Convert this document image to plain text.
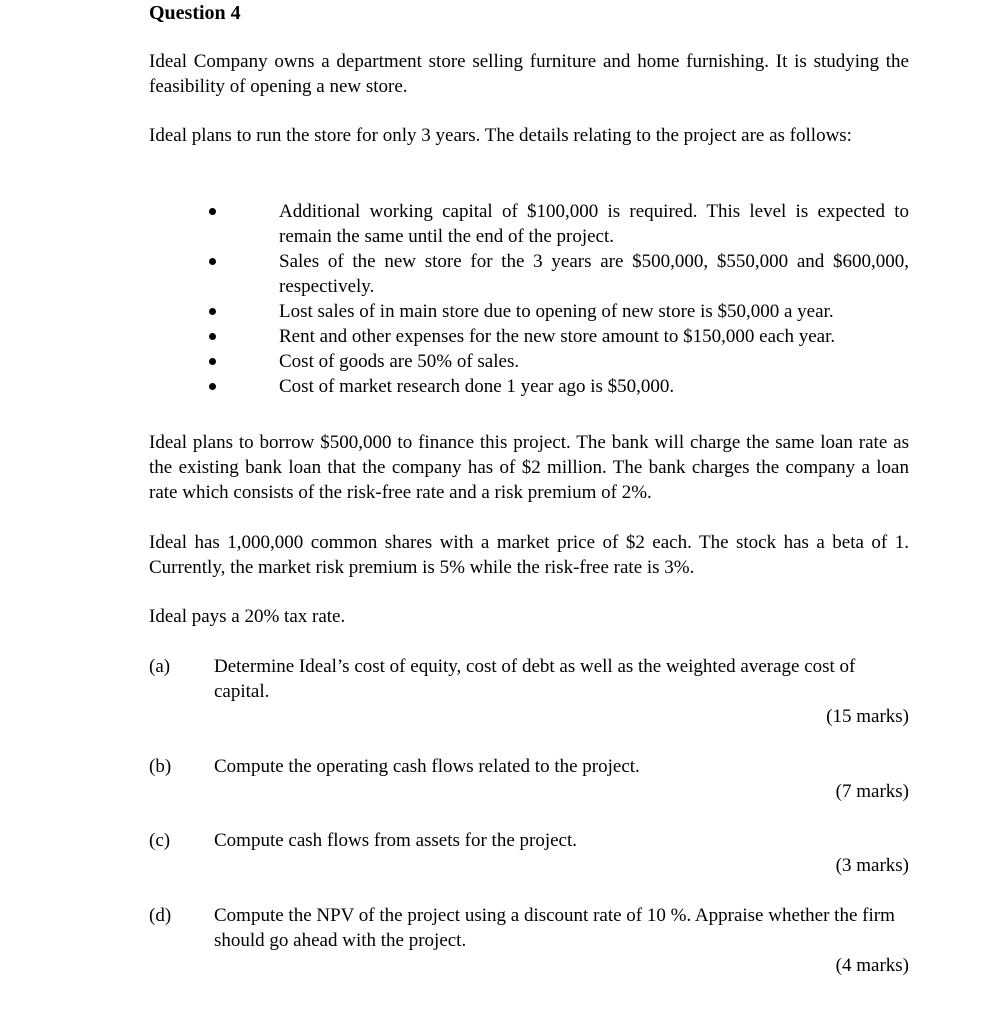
Question 4
Ideal Company owns a department store selling furniture and home furnishing. It is studying the feasibility of opening a new store.
Ideal plans to run the store for only 3 years. The details relating to the project are as follows:
Additional working capital of $100,000 is required. This level is expected to remain the same until the end of the project.
Sales of the new store for the 3 years are $500,000, $550,000 and $600,000, respectively.
Lost sales of in main store due to opening of new store is $50,000 a year.
Rent and other expenses for the new store amount to $150,000 each year.
Cost of goods are 50% of sales.
Cost of market research done 1 year ago is $50,000.
Ideal plans to borrow $500,000 to finance this project. The bank will charge the same loan rate as the existing bank loan that the company has of $2 million. The bank charges the company a loan rate which consists of the risk-free rate and a risk premium of 2%.
Ideal has 1,000,000 common shares with a market price of $2 each. The stock has a beta of 1. Currently, the market risk premium is 5% while the risk-free rate is 3%.
Ideal pays a 20% tax rate.
(a) Determine Ideal’s cost of equity, cost of debt as well as the weighted average cost of capital.
(15 marks)
(b) Compute the operating cash flows related to the project.
(7 marks)
(c) Compute cash flows from assets for the project.
(3 marks)
(d) Compute the NPV of the project using a discount rate of 10 %. Appraise whether the firm should go ahead with the project.
(4 marks)
